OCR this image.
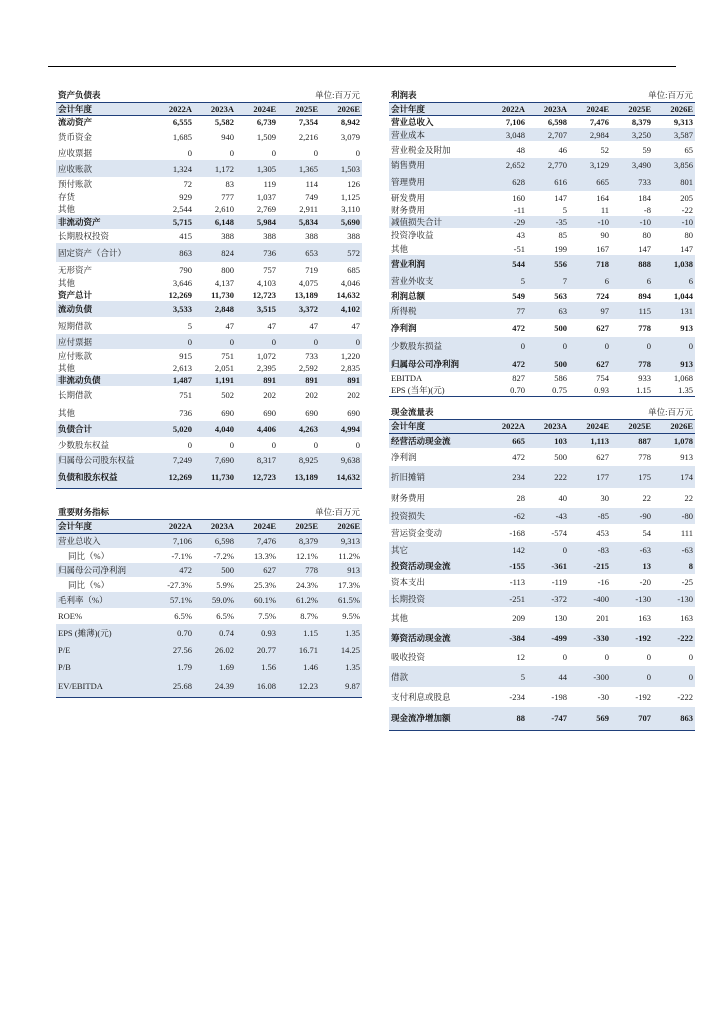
资产负债表	单位:百万元
会计年度	2022A	2023A	2024E	2025E	2026E
流动资产	6,555	5,582	6,739	7,354	8,942
货币资金	1,685	940	1,509	2,216	3,079
应收票据	0	0	0	0	0
应收账款	1,324	1,172	1,305	1,365	1,503
预付账款	72	83	119	114	126
存货	929	777	1,037	749	1,125
其他	2,544	2,610	2,769	2,911	3,110
非流动资产	5,715	6,148	5,984	5,834	5,690
长期股权投资	415	388	388	388	388
固定资产（合计）	863	824	736	653	572
无形资产	790	800	757	719	685
其他	3,646	4,137	4,103	4,075	4,046
资产总计	12,269	11,730	12,723	13,189	14,632
流动负债	3,533	2,848	3,515	3,372	4,102
短期借款	5	47	47	47	47
应付票据	0	0	0	0	0
应付账款	915	751	1,072	733	1,220
其他	2,613	2,051	2,395	2,592	2,835
非流动负债	1,487	1,191	891	891	891
长期借款	751	502	202	202	202
其他	736	690	690	690	690
负债合计	5,020	4,040	4,406	4,263	4,994
少数股东权益	0	0	0	0	0
归属母公司股东权益	7,249	7,690	8,317	8,925	9,638
负债和股东权益	12,269	11,730	12,723	13,189	14,632
利润表	单位:百万元
会计年度	2022A	2023A	2024E	2025E	2026E
营业总收入	7,106	6,598	7,476	8,379	9,313
营业成本	3,048	2,707	2,984	3,250	3,587
营业税金及附加	48	46	52	59	65
销售费用	2,652	2,770	3,129	3,490	3,856
管理费用	628	616	665	733	801
研发费用	160	147	164	184	205
财务费用	-11	5	11	-8	-22
减值损失合计	-29	-35	-10	-10	-10
投资净收益	43	85	90	80	80
其他	-51	199	167	147	147
营业利润	544	556	718	888	1,038
营业外收支	5	7	6	6	6
利润总额	549	563	724	894	1,044
所得税	77	63	97	115	131
净利润	472	500	627	778	913
少数股东损益	0	0	0	0	0
归属母公司净利润	472	500	627	778	913
EBITDA	827	586	754	933	1,068
EPS (当年)(元)	0.70	0.75	0.93	1.15	1.35
现金流量表	单位:百万元
会计年度	2022A	2023A	2024E	2025E	2026E
经营活动现金流	665	103	1,113	887	1,078
净利润	472	500	627	778	913
折旧摊销	234	222	177	175	174
财务费用	28	40	30	22	22
投资损失	-62	-43	-85	-90	-80
营运资金变动	-168	-574	453	54	111
其它	142	0	-83	-63	-63
投资活动现金流	-155	-361	-215	13	8
资本支出	-113	-119	-16	-20	-25
长期投资	-251	-372	-400	-130	-130
其他	209	130	201	163	163
筹资活动现金流	-384	-499	-330	-192	-222
吸收投资	12	0	0	0	0
借款	5	44	-300	0	0
支付利息或股息	-234	-198	-30	-192	-222
现金流净增加额	88	-747	569	707	863
重要财务指标	单位:百万元
会计年度	2022A	2023A	2024E	2025E	2026E
营业总收入	7,106	6,598	7,476	8,379	9,313
同比（%）	-7.1%	-7.2%	13.3%	12.1%	11.2%
归属母公司净利润	472	500	627	778	913
同比（%）	-27.3%	5.9%	25.3%	24.3%	17.3%
毛利率（%）	57.1%	59.0%	60.1%	61.2%	61.5%
ROE%	6.5%	6.5%	7.5%	8.7%	9.5%
EPS (摊薄)(元)	0.70	0.74	0.93	1.15	1.35
P/E	27.56	26.02	20.77	16.71	14.25
P/B	1.79	1.69	1.56	1.46	1.35
EV/EBITDA	25.68	24.39	16.08	12.23	9.87
